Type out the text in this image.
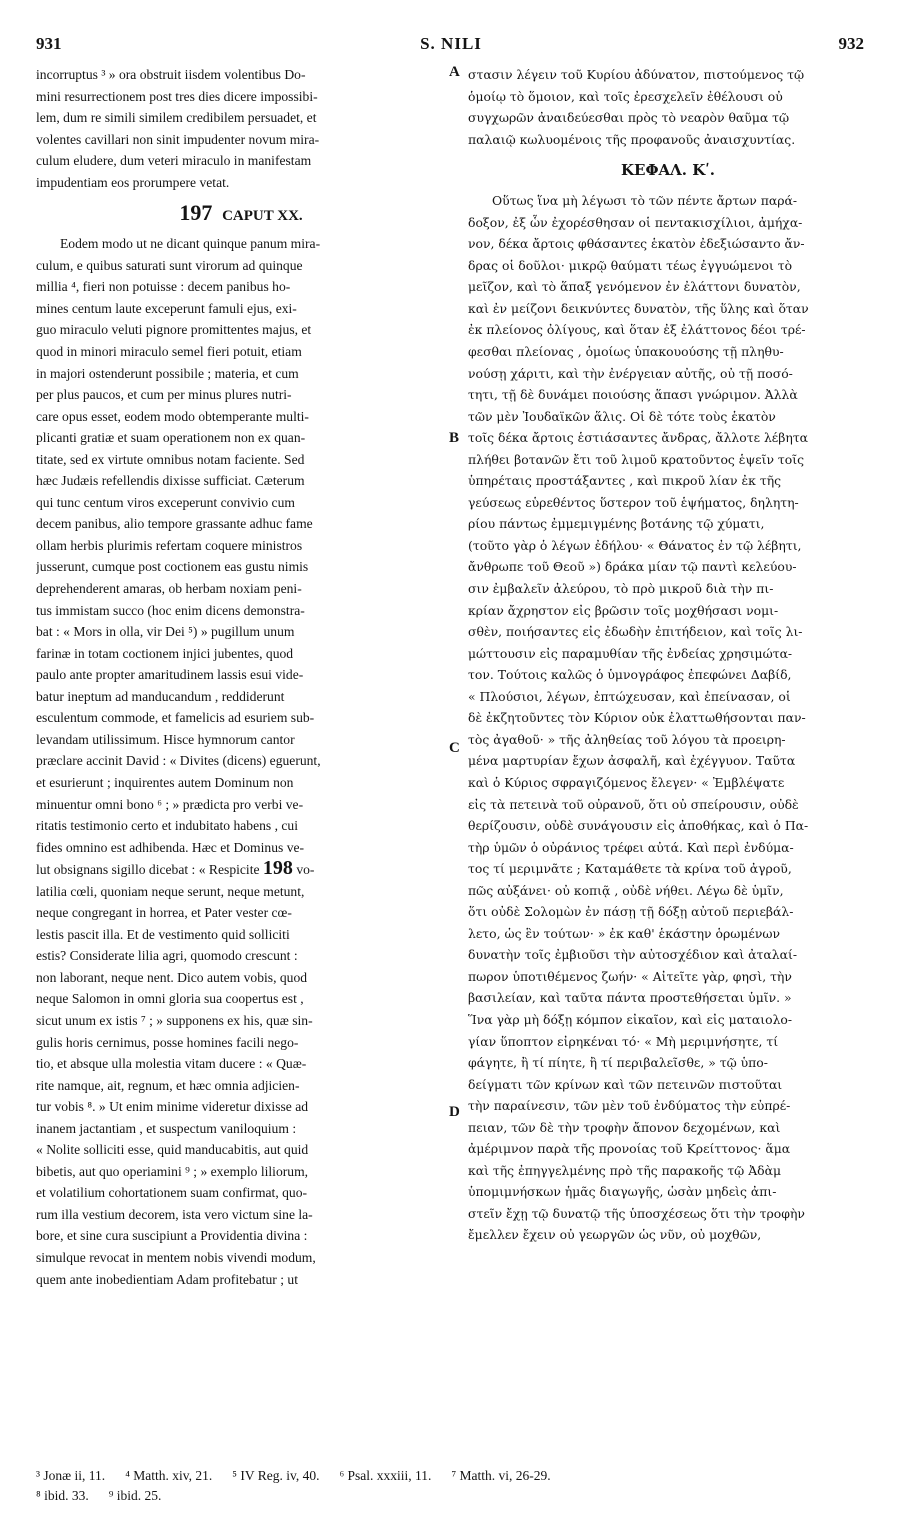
931	S. NILI	932
incorruptus ³ » ora obstruit iisdem volentibus Do-
mini resurrectionem post tres dies dicere impossibi-
lem, dum re simili similem credibilem persuadet, et
volentes cavillari non sinit impudenter novum mira-
culum eludere, dum veteri miraculo in manifestam
impudentiam eos prorumpere vetat.
197 CAPUT XX.
Eodem modo ut ne dicant quinque panum mira-
culum, e quibus saturati sunt virorum ad quinque
millia ⁴, fieri non potuisse : decem panibus ho-
mines centum laute exceperunt famuli ejus, exi-
guo miraculo veluti pignore promittentes majus, et
quod in minori miraculo semel fieri potuit, etiam
in majori ostenderunt possibile ; materia, et cum
per plus paucos, et cum per minus plures nutri-
care opus esset, eodem modo obtemperante multi-
plicanti gratiæ et suam operationem non ex quan-
titate, sed ex virtute omnibus notam faciente. Sed
hæc Judæis refellendis dixisse sufficiat. Cæterum
qui tunc centum viros exceperunt convivio cum
decem panibus, alio tempore grassante adhuc fame
ollam herbis plurimis refertam coquere ministros
jusserunt, cumque post coctionem eas gustu nimis
deprehenderent amaras, ob herbam noxiam peni-
tus immistam succo (hoc enim dicens demonstra-
bat : « Mors in olla, vir Dei ⁵) » pugillum unum
farinæ in totam coctionem injici jubentes, quod
paulo ante propter amaritudinem lassis esui vide-
batur ineptum ad manducandum , reddiderunt
esculentum commode, et famelicis ad esuriem sub-
levandam utilissimum. Hisce hymnorum cantor
præclare accinit David : « Divites (dicens) eguerunt,
et esurierunt ; inquirentes autem Dominum non
minuentur omni bono ⁶ ; » prædicta pro verbi ve-
ritatis testimonio certo et indubitato habens , cui
fides omnino est adhibenda. Hæc et Dominus ve-
lut obsignans sigillo dicebat : « Respicite 198 vo-
latilia cœli, quoniam neque serunt, neque metunt,
neque congregant in horrea, et Pater vester cœ-
lestis pascit illa. Et de vestimento quid solliciti
estis? Considerate lilia agri, quomodo crescunt :
non laborant, neque nent. Dico autem vobis, quod
neque Salomon in omni gloria sua coopertus est ,
sicut unum ex istis ⁷ ; » supponens ex his, quæ sin-
gulis horis cernimus, posse homines facili nego-
tio, et absque ulla molestia vitam ducere : « Quæ-
rite namque, ait, regnum, et hæc omnia adjicien-
tur vobis ⁸. » Ut enim minime videretur dixisse ad
inanem jactantiam , et suspectum vaniloquium :
« Nolite solliciti esse, quid manducabitis, aut quid
bibetis, aut quo operiamini ⁹ ; » exemplo liliorum,
et volatilium cohortationem suam confirmat, quo-
rum illa vestium decorem, ista vero victum sine la-
bore, et sine cura suscipiunt a Providentia divina :
simulque revocat in mentem nobis vivendi modum,
quem ante inobedientiam Adam profitebatur ; ut
A
B
C
D
στασιν λέγειν τοῦ Κυρίου ἀδύνατον, πιστούμενος τῷ
ὁμοίῳ τὸ ὅμοιον, καὶ τοῖς ἐρεσχελεῖν ἐθέλουσι οὐ
συγχωρῶν ἀναιδεύεσθαι πρὸς τὸ νεαρὸν θαῦμα τῷ
παλαιῷ κωλυομένοις τῆς προφανοῦς ἀναισχυντίας.
ΚΕΦΑΛ. Κʹ.
Οὕτως ἵνα μὴ λέγωσι τὸ τῶν πέντε ἄρτων παρά-
δοξον, ἐξ ὧν ἐχορέσθησαν οἱ πεντακισχίλιοι, ἀμήχα-
νον, δέκα ἄρτοις φθάσαντες ἑκατὸν ἐδεξιώσαντο ἄν-
δρας οἱ δοῦλοι· μικρῷ θαύματι τέως ἐγγυώμενοι τὸ
μεῖζον, καὶ τὸ ἅπαξ γενόμενον ἐν ἐλάττονι δυνατὸν,
καὶ ἐν μείζονι δεικνύντες δυνατὸν, τῆς ὕλης καὶ ὅταν
ἐκ πλείονος ὀλίγους, καὶ ὅταν ἐξ ἐλάττονος δέοι τρέ-
φεσθαι πλείονας , ὁμοίως ὑπακουούσης τῇ πληθυ-
νούσῃ χάριτι, καὶ τὴν ἐνέργειαν αὐτῆς, οὐ τῇ ποσό-
τητι, τῇ δὲ δυνάμει ποιούσης ἅπασι γνώριμον. Ἀλλὰ
τῶν μὲν Ἰουδαϊκῶν ἅλις. Οἱ δὲ τότε τοὺς ἑκατὸν
τοῖς δέκα ἄρτοις ἑστιάσαντες ἄνδρας, ἄλλοτε λέβητα
πλήθει βοτανῶν ἔτι τοῦ λιμοῦ κρατοῦντος ἑψεῖν τοῖς
ὑπηρέταις προστάξαντες , καὶ πικροῦ λίαν ἐκ τῆς
γεύσεως εὑρεθέντος ὕστερον τοῦ ἑψήματος, δηλητη-
ρίου πάντως ἐμμεμιγμένης βοτάνης τῷ χύματι,
(τοῦτο γὰρ ὁ λέγων ἐδήλου· « Θάνατος ἐν τῷ λέβητι,
ἄνθρωπε τοῦ Θεοῦ ») δράκα μίαν τῷ παντὶ κελεύου-
σιν ἐμβαλεῖν ἀλεύρου, τὸ πρὸ μικροῦ διὰ τὴν πι-
κρίαν ἄχρηστον εἰς βρῶσιν τοῖς μοχθήσασι νομι-
σθὲν, ποιήσαντες εἰς ἐδωδὴν ἐπιτήδειον, καὶ τοῖς λι-
μώττουσιν εἰς παραμυθίαν τῆς ἐνδείας χρησιμώτα-
τον. Τούτοις καλῶς ὁ ὑμνογράφος ἐπεφώνει Δαβίδ,
« Πλούσιοι, λέγων, ἐπτώχευσαν, καὶ ἐπείνασαν, οἱ
δὲ ἐκζητοῦντες τὸν Κύριον οὐκ ἐλαττωθήσονται παν-
τὸς ἀγαθοῦ· » τῆς ἀληθείας τοῦ λόγου τὰ προειρη-
μένα μαρτυρίαν ἔχων ἀσφαλῆ, καὶ ἐχέγγυον. Ταῦτα
καὶ ὁ Κύριος σφραγιζόμενος ἔλεγεν· « Ἐμβλέψατε
εἰς τὰ πετεινὰ τοῦ οὐρανοῦ, ὅτι οὐ σπείρουσιν, οὐδὲ
θερίζουσιν, οὐδὲ συνάγουσιν εἰς ἀποθήκας, καὶ ὁ Πα-
τὴρ ὑμῶν ὁ οὐράνιος τρέφει αὐτά. Καὶ περὶ ἐνδύμα-
τος τί μεριμνᾶτε ; Καταμάθετε τὰ κρίνα τοῦ ἀγροῦ,
πῶς αὐξάνει· οὐ κοπιᾷ , οὐδὲ νήθει. Λέγω δὲ ὑμῖν,
ὅτι οὐδὲ Σολομὼν ἐν πάσῃ τῇ δόξῃ αὐτοῦ περιεβάλ-
λετο, ὡς ἓν τούτων· » ἐκ καθ' ἑκάστην ὁρωμένων
δυνατὴν τοῖς ἐμβιοῦσι τὴν αὐτοσχέδιον καὶ ἀταλαί-
πωρον ὑποτιθέμενος ζωήν· « Αἰτεῖτε γὰρ, φησὶ, τὴν
βασιλείαν, καὶ ταῦτα πάντα προστεθήσεται ὑμῖν. »
Ἵνα γὰρ μὴ δόξῃ κόμπον εἰκαῖον, καὶ εἰς ματαιολο-
γίαν ὕποπτον εἰρηκέναι τό· « Μὴ μεριμνήσητε, τί
φάγητε, ἢ τί πίητε, ἢ τί περιβαλεῖσθε, » τῷ ὑπο-
δείγματι τῶν κρίνων καὶ τῶν πετεινῶν πιστοῦται
τὴν παραίνεσιν, τῶν μὲν τοῦ ἐνδύματος τὴν εὐπρέ-
πειαν, τῶν δὲ τὴν τροφὴν ἄπονον δεχομένων, καὶ
ἀμέριμνον παρὰ τῆς προνοίας τοῦ Κρείττονος· ἅμα
καὶ τῆς ἐπηγγελμένης πρὸ τῆς παρακοῆς τῷ Ἀδὰμ
ὑπομιμνήσκων ἡμᾶς διαγωγῆς, ὡσὰν μηδεὶς ἀπι-
στεῖν ἔχῃ τῷ δυνατῷ τῆς ὑποσχέσεως ὅτι τὴν τροφὴν
ἔμελλεν ἔχειν οὐ γεωργῶν ὡς νῦν, οὐ μοχθῶν,
³ Jonæ ii, 11. ⁴ Matth. xiv, 21. ⁵ IV Reg. iv, 40. ⁶ Psal. xxxiii, 11. ⁷ Matth. vi, 26-29.
⁸ ibid. 33. ⁹ ibid. 25.
